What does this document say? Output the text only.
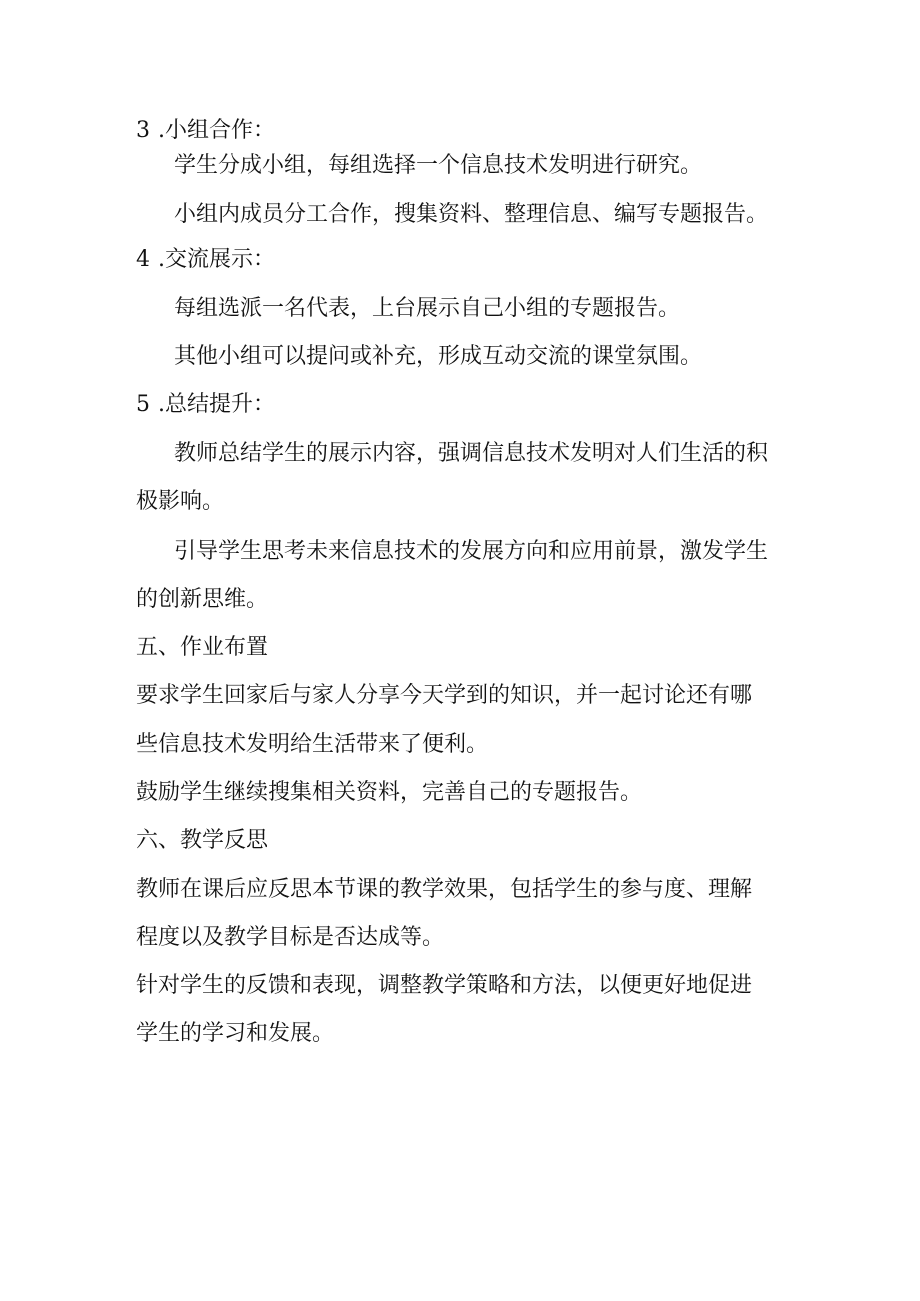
3 .小组合作：
学生分成小组，每组选择一个信息技术发明进行研究。
小组内成员分工合作，搜集资料、整理信息、编写专题报告。
4 .交流展示：
每组选派一名代表，上台展示自己小组的专题报告。
其他小组可以提问或补充，形成互动交流的课堂氛围。
5 .总结提升：
教师总结学生的展示内容，强调信息技术发明对人们生活的积
极影响。
引导学生思考未来信息技术的发展方向和应用前景，激发学生
的创新思维。
五、作业布置
要求学生回家后与家人分享今天学到的知识，并一起讨论还有哪
些信息技术发明给生活带来了便利。
鼓励学生继续搜集相关资料，完善自己的专题报告。
六、教学反思
教师在课后应反思本节课的教学效果，包括学生的参与度、理解
程度以及教学目标是否达成等。
针对学生的反馈和表现，调整教学策略和方法，以便更好地促进
学生的学习和发展。
